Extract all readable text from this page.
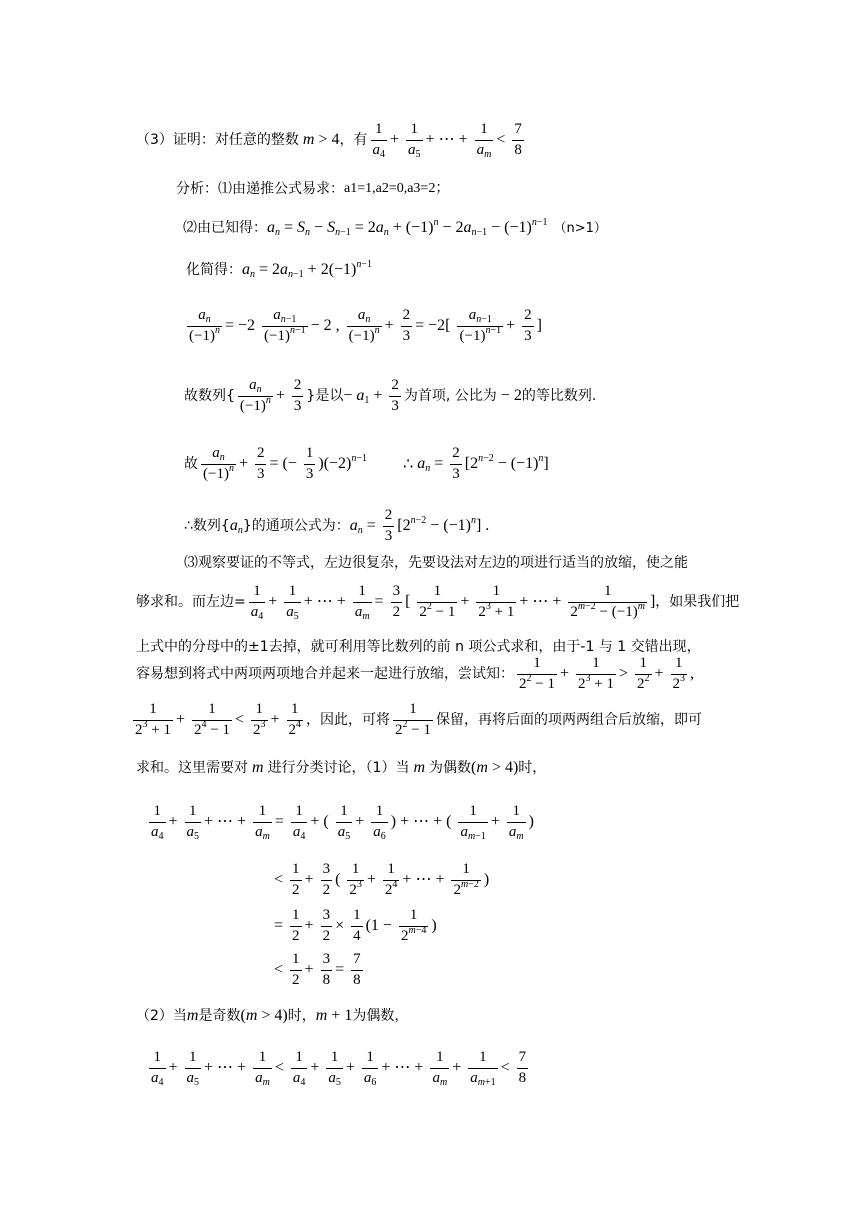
（3）证明：对任意的整数 m > 4 ，有 $\frac{1}{a_4} + \frac{1}{a_5}$ + ⋯ + $\frac{1}{a_m} < \frac{7}{8}$
分析：⑴由递推公式易求： a1=1,a2=0,a3=2；
⑵由已知得： $a_n = S_n - S_{n-1} = 2a_n + (-1)^n - 2a_{n-1} - (-1)^{n-1}$ （n>1）
化简得： $a_n = 2a_{n-1} + 2(-1)^{n-1}$
$\frac{a_n}{(-1)^n} = -2 \frac{a_{n-1}}{(-1)^{n-1}} - 2$ , $\frac{a_n}{(-1)^n} + \frac{2}{3} = -2[ \frac{a_{n-1}}{(-1)^{n-1}} + \frac{2}{3}$ ]
故数列{ $\frac{a_n}{(-1)^n} + \frac{2}{3}$ }是以 − $a_1 + \frac{2}{3}$ 为首项, 公比为 − 2 的等比数列.
故 $\frac{a_n}{(-1)^n} + \frac{2}{3}$ = (− $\frac{1}{3} )(-2)^{n-1}$	∴ $a_n = \frac{2}{3} [2^{n-2} - (-1)^n]$
∴数列{ $a_n$ }的通项公式为： $a_n = \frac{2}{3} [2^{n-2} - (-1)^n]$ .
⑶观察要证的不等式，左边很复杂，先要设法对左边的项进行适当的放缩，使之能
够求和。而左边= $\frac{1}{a_4} + \frac{1}{a_5}$ + ⋯ + $\frac{1}{a_m} = \frac{3}{2}$ [ $\frac{1}{2^2 - 1} + \frac{1}{2^3 + 1}$ + ⋯ + $\frac{1}{2^{m-2} - (-1)^m}$ ] ，如果我们把
上式中的分母中的±1去掉，就可利用等比数列的前 n 项公式求和，由于-1 与 1 交错出现，
容易想到将式中两项两项地合并起来一起进行放缩，尝试知： $\frac{1}{2^2 - 1} + \frac{1}{2^3 + 1} > \frac{1}{2^2} + \frac{1}{2^3}$ ,
$\frac{1}{2^3 + 1} + \frac{1}{2^4 - 1} < \frac{1}{2^3} + \frac{1}{2^4}$ ，因此，可将 $\frac{1}{2^2 - 1}$ 保留，再将后面的项两两组合后放缩，即可
求和。这里需要对 m 进行分类讨论，（1）当 m 为偶数 (m > 4) 时，
$\frac{1}{a_4} + \frac{1}{a_5}$ + ⋯ + $\frac{1}{a_m} = \frac{1}{a_4}$ + ( $\frac{1}{a_5} + \frac{1}{a_6}$ ) + ⋯ + ( $\frac{1}{a_{m-1}} + \frac{1}{a_m}$ )
< $\frac{1}{2} + \frac{3}{2}$ ( $\frac{1}{2^3} + \frac{1}{2^4}$ + ⋯ + $\frac{1}{2^{m-2}}$ )
= $\frac{1}{2} + \frac{3}{2} \times \frac{1}{4} (1 - \frac{1}{2^{m-4}}$ )
< $\frac{1}{2} + \frac{3}{8} = \frac{7}{8}$
（2）当 m 是奇数 (m > 4) 时， m + 1 为偶数，
$\frac{1}{a_4} + \frac{1}{a_5}$ + ⋯ + $\frac{1}{a_m} < \frac{1}{a_4} + \frac{1}{a_5} + \frac{1}{a_6}$ + ⋯ + $\frac{1}{a_m} + \frac{1}{a_{m+1}} < \frac{7}{8}$
